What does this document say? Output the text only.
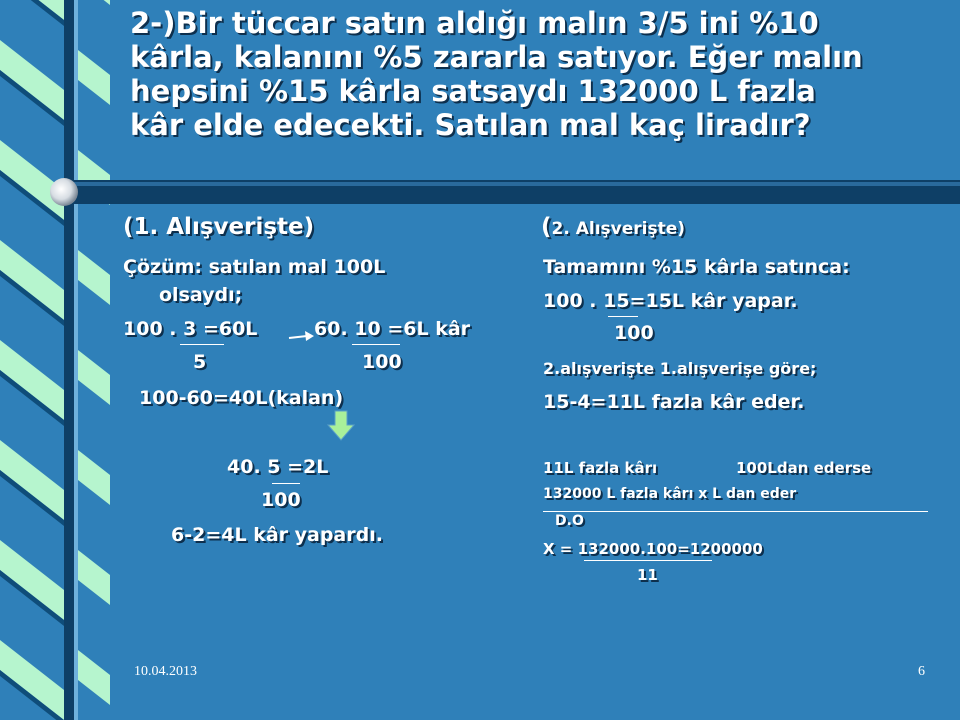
2-)Bir tüccar satın aldığı malın 3/5 ini %10
kârla, kalanını %5 zararla satıyor. Eğer malın
hepsini %15 kârla satsaydı 132000 L fazla
kâr elde edecekti. Satılan mal kaç liradır?
(1. Alışverişte)
Çözüm: satılan mal 100L
olsaydı;
100 . 3 =60L	60. 10 =6L kâr
5	100
100-60=40L(kalan)
40. 5 =2L
100
6-2=4L kâr yapardı.
(2. Alışverişte)
Tamamını %15 kârla satınca:
100 . 15=15L kâr yapar.
100
2.alışverişte 1.alışverişe göre;
15-4=11L fazla kâr eder.
11L fazla kârı	100Ldan ederse
132000 L fazla kârı x L dan eder
D.O
X = 132000.100=1200000
11
10.04.2013	6
